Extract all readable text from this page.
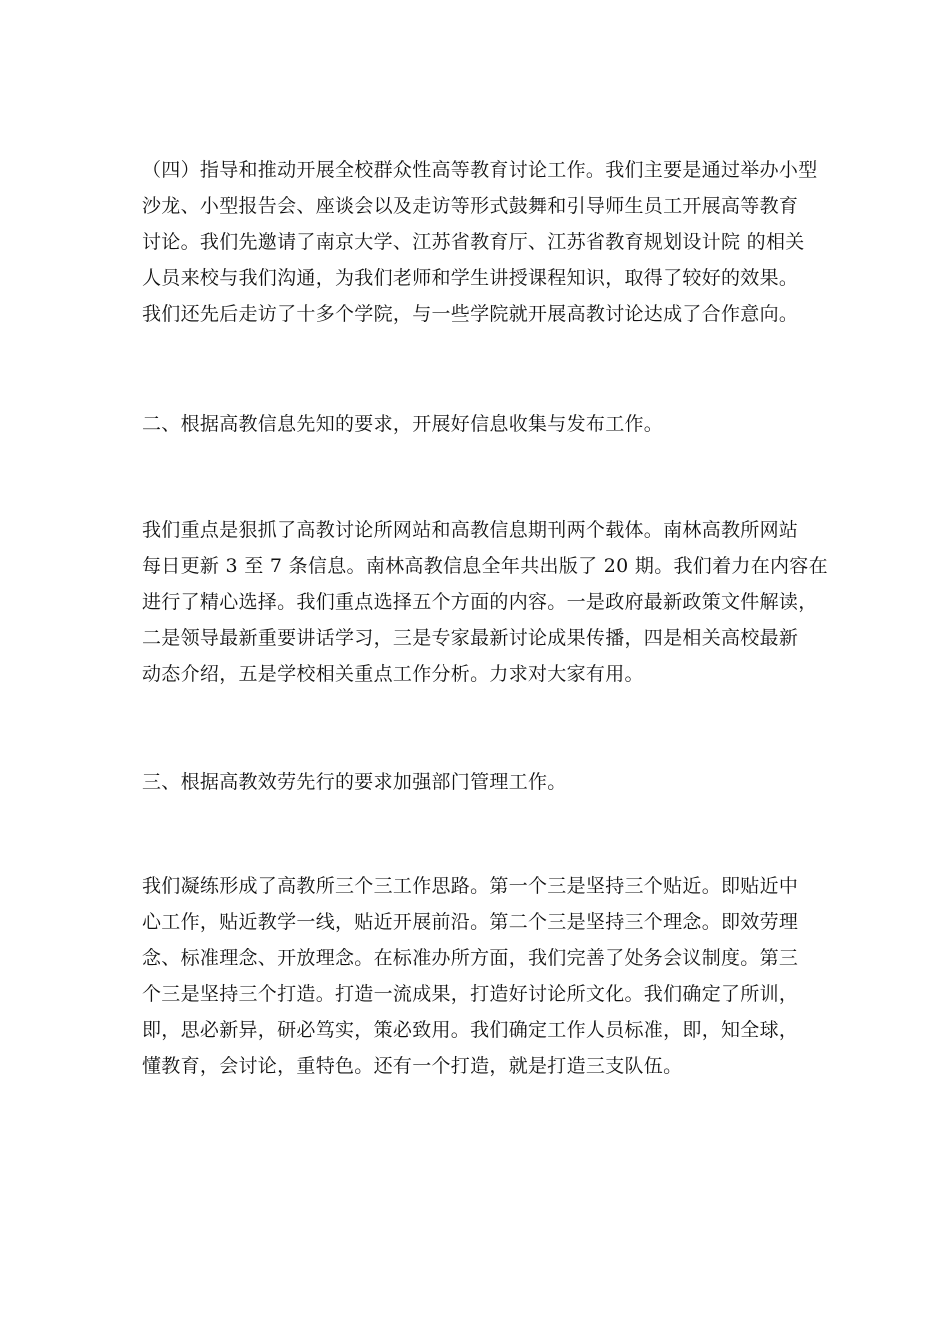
（四）指导和推动开展全校群众性高等教育讨论工作。我们主要是通过举办小型
沙龙、小型报告会、座谈会以及走访等形式鼓舞和引导师生员工开展高等教育
讨论。我们先邀请了南京大学、江苏省教育厅、江苏省教育规划设计院 的相关
人员来校与我们沟通，为我们老师和学生讲授课程知识，取得了较好的效果。
我们还先后走访了十多个学院，与一些学院就开展高教讨论达成了合作意向。

二、根据高教信息先知的要求，开展好信息收集与发布工作。

我们重点是狠抓了高教讨论所网站和高教信息期刊两个载体。南林高教所网站
每日更新 3 至 7 条信息。南林高教信息全年共出版了 20 期。我们着力在内容在
进行了精心选择。我们重点选择五个方面的内容。一是政府最新政策文件解读，
二是领导最新重要讲话学习，三是专家最新讨论成果传播，四是相关高校最新
动态介绍，五是学校相关重点工作分析。力求对大家有用。

三、根据高教效劳先行的要求加强部门管理工作。

我们凝练形成了高教所三个三工作思路。第一个三是坚持三个贴近。即贴近中
心工作，贴近教学一线，贴近开展前沿。第二个三是坚持三个理念。即效劳理
念、标准理念、开放理念。在标准办所方面，我们完善了处务会议制度。第三
个三是坚持三个打造。打造一流成果，打造好讨论所文化。我们确定了所训，
即，思必新异，研必笃实，策必致用。我们确定工作人员标准，即，知全球，
懂教育，会讨论，重特色。还有一个打造，就是打造三支队伍。
